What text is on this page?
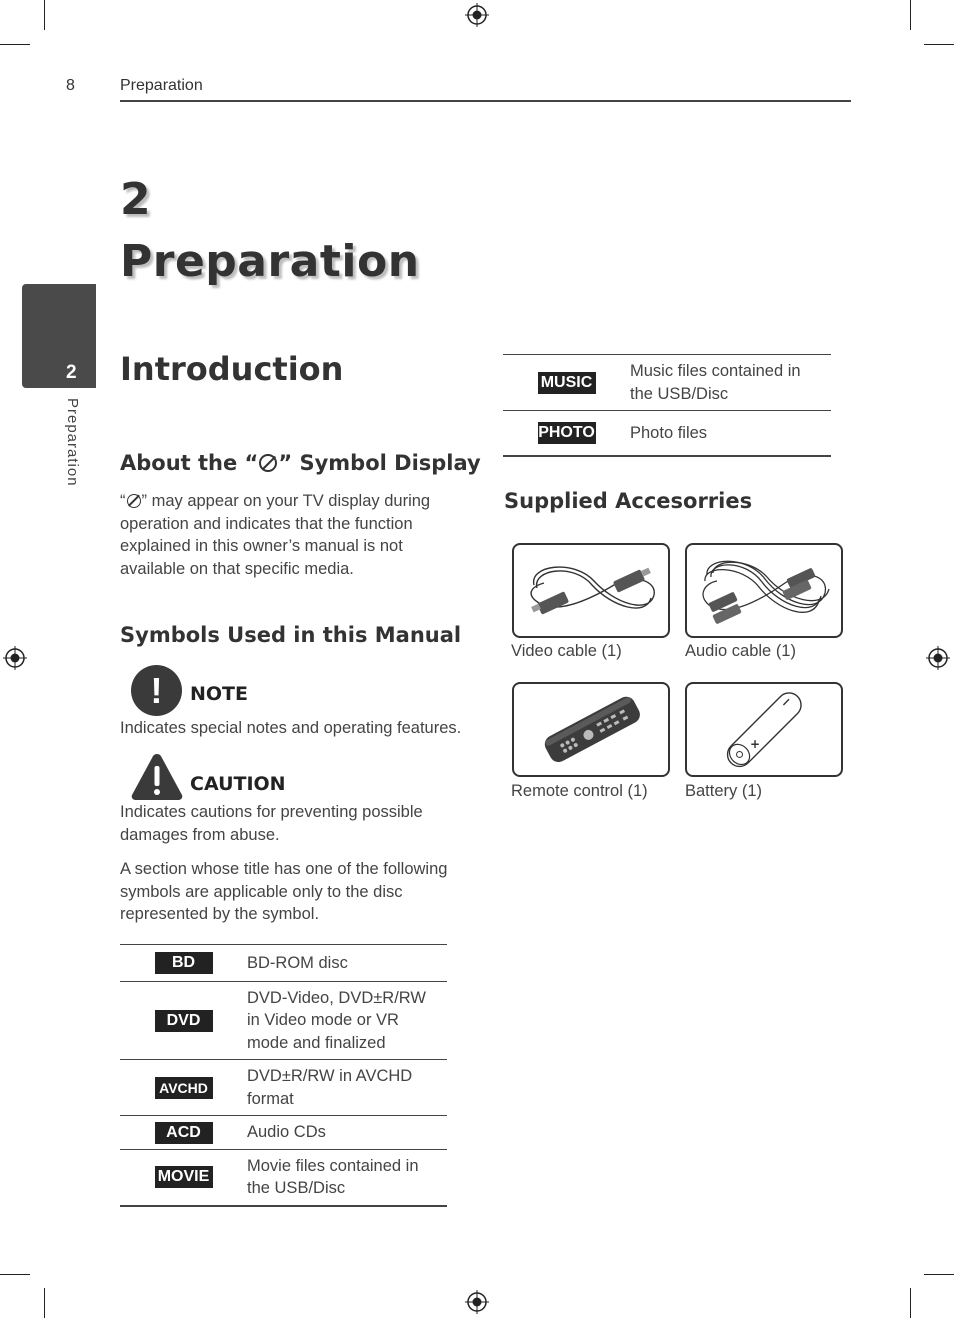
8	Preparation
2
Preparation
2
Preparation
Introduction
About the “ ” Symbol Display
“ ” may appear on your TV display during operation and indicates that the function explained in this owner’s manual is not available on that specific media.
Symbols Used in this Manual
!	NOTE
Indicates special notes and operating features.
CAUTION
Indicates cautions for preventing possible damages from abuse.
A section whose title has one of the following symbols are applicable only to the disc represented by the symbol.
BD	BD-ROM disc
DVD	DVD-Video, DVD±R/RW in Video mode or VR mode and finalized
AVCHD	DVD±R/RW in AVCHD format
ACD	Audio CDs
MOVIE	Movie files contained in the USB/Disc
MUSIC	Music files contained in the USB/Disc
PHOTO	Photo files
Supplied Accesorries
Video cable (1)	Audio cable (1)
Remote control (1)
+
Battery (1)
